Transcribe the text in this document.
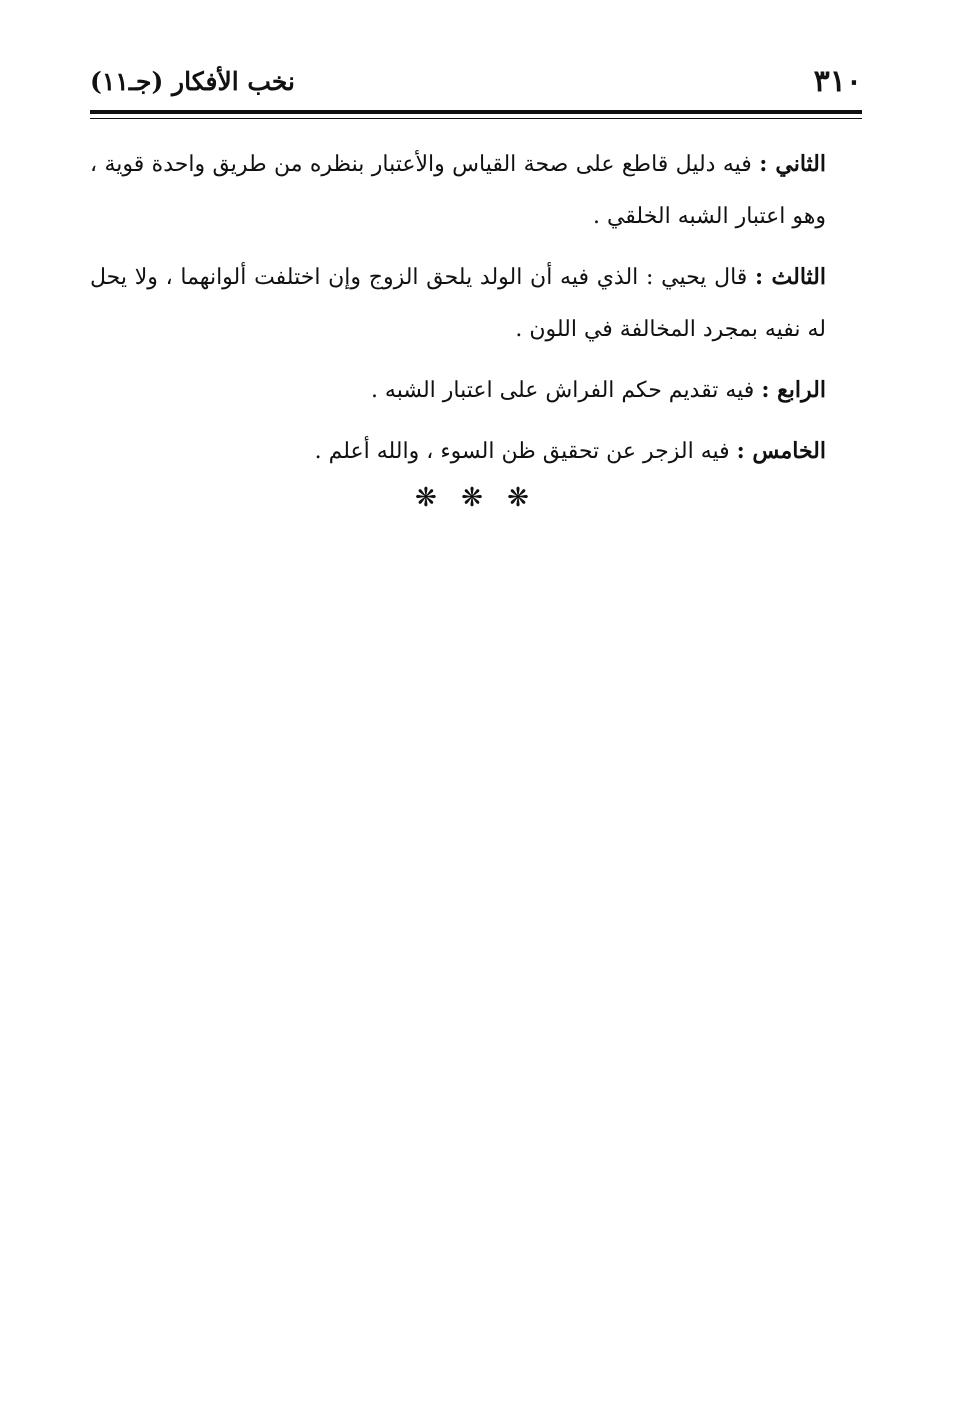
٣١٠
نخب الأفكار (جـ١١)

الثاني : فيه دليل قاطع على صحة القياس والأعتبار بنظره من طريق واحدة قوية ، وهو اعتبار الشبه الخلقي .

الثالث : قال يحيي : الذي فيه أن الولد يلحق الزوج وإن اختلفت ألوانهما ، ولا يحل له نفيه بمجرد المخالفة في اللون .

الرابع : فيه تقديم حكم الفراش على اعتبار الشبه .

الخامس : فيه الزجر عن تحقيق ظن السوء ، والله أعلم .

❋ ❋ ❋
